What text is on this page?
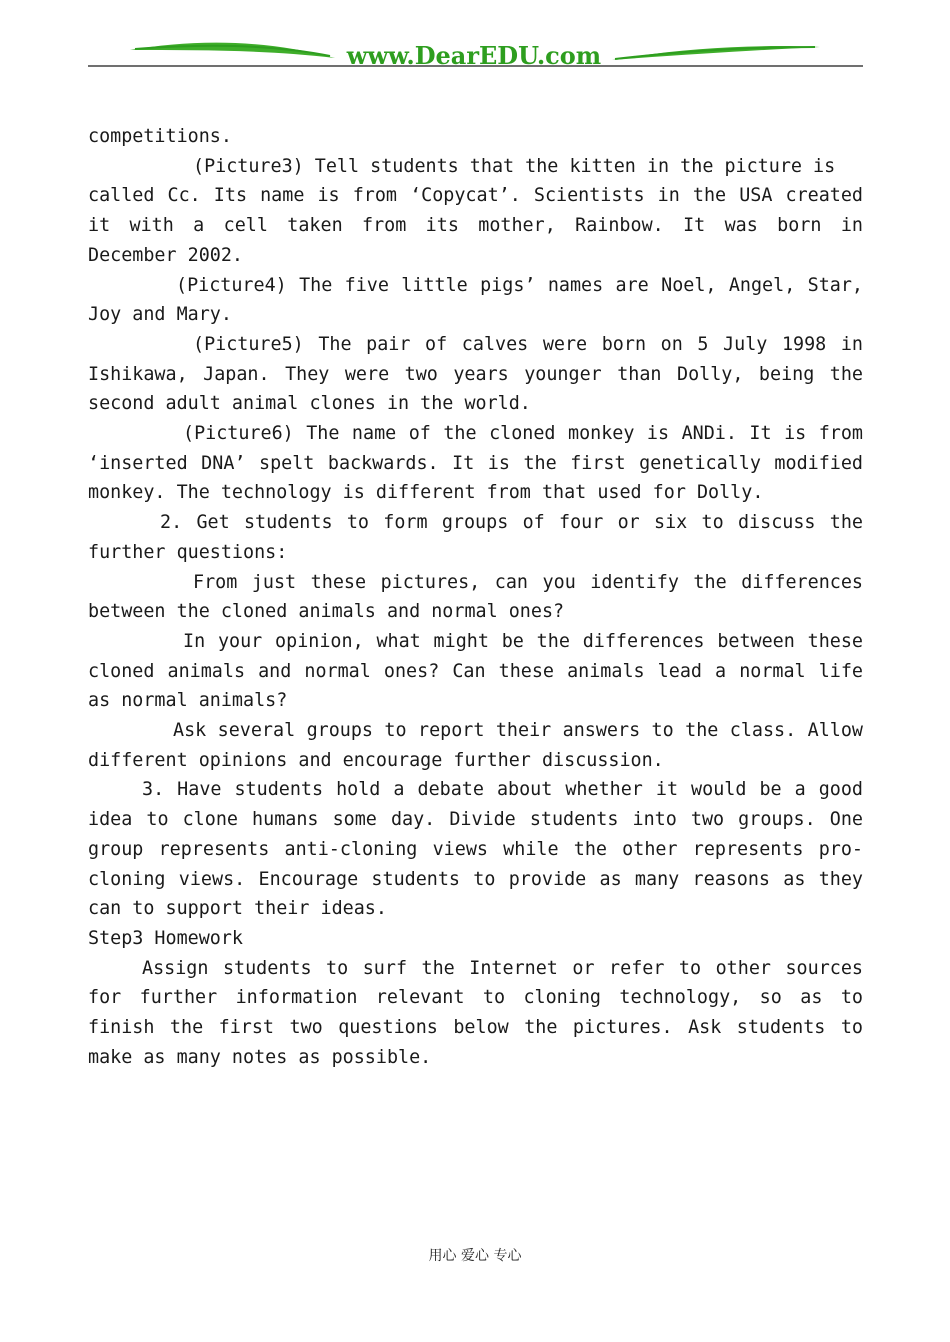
www.DearEDU.com

competitions.

(Picture3) Tell students that the kitten in the picture is

called Cc. Its name is from ‘Copycat’. Scientists in the USA created it with a cell taken from its mother, Rainbow. It was born in December 2002.

(Picture4) The five little pigs’ names are Noel, Angel, Star, Joy and Mary.

(Picture5) The pair of calves were born on 5 July 1998 in Ishikawa, Japan. They were two years younger than Dolly, being the second adult animal clones in the world.

(Picture6) The name of the cloned monkey is ANDi. It is from ‘inserted DNA’ spelt backwards. It is the first genetically modified monkey. The technology is different from that used for Dolly.

2. Get students to form groups of four or six to discuss the further questions:

From just these pictures, can you identify the differences between the cloned animals and normal ones?

In your opinion, what might be the differences between these cloned animals and normal ones? Can these animals lead a normal life as normal animals?

Ask several groups to report their answers to the class. Allow different opinions and encourage further discussion.

3. Have students hold a debate about whether it would be a good idea to clone humans some day. Divide students into two groups. One group represents anti-cloning views while the other represents pro-cloning views. Encourage students to provide as many reasons as they can to support their ideas.

Step3 Homework

Assign students to surf the Internet or refer to other sources for further information relevant to cloning technology, so as to finish the first two questions below the pictures. Ask students to make as many notes as possible.

用心 爱心 专心
